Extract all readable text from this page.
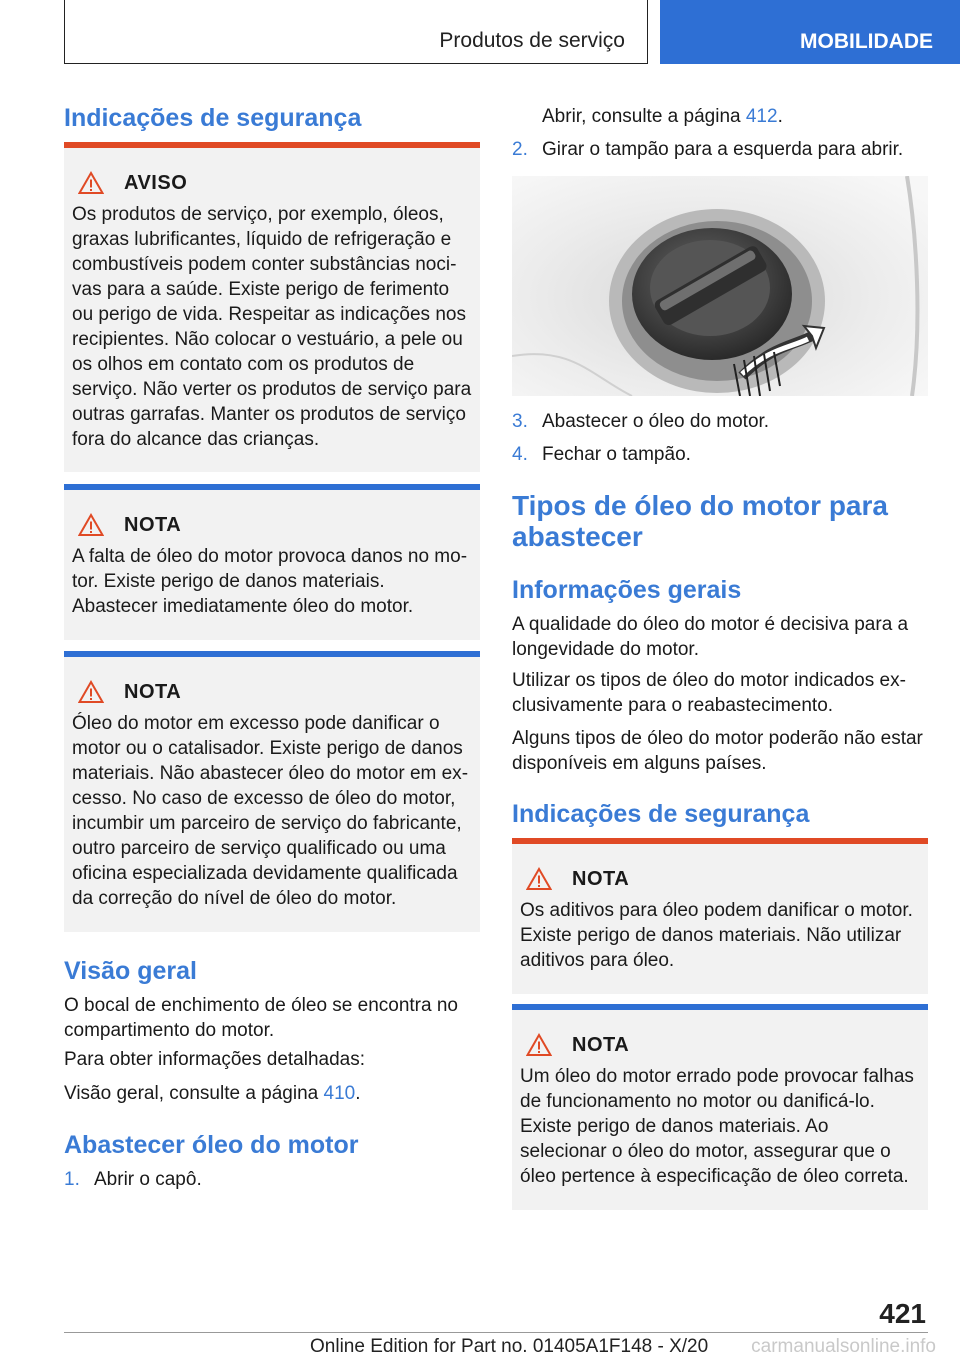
Produtos de serviço	MOBILIDADE
Indicações de segurança
AVISO

Os produtos de serviço, por exemplo, óleos, graxas lubrificantes, líquido de refrigeração e combustíveis podem conter substâncias nocivas para a saúde. Existe perigo de ferimento ou perigo de vida. Respeitar as indicações nos recipientes. Não colocar o vestuário, a pele ou os olhos em contato com os produtos de serviço. Não verter os produtos de serviço para outras garrafas. Manter os produtos de serviço fora do alcance das crianças.

NOTA

A falta de óleo do motor provoca danos no motor. Existe perigo de danos materiais. Abastecer imediatamente óleo do motor.

NOTA

Óleo do motor em excesso pode danificar o motor ou o catalisador. Existe perigo de danos materiais. Não abastecer óleo do motor em excesso. No caso de excesso de óleo do motor, incumbir um parceiro de serviço do fabricante, outro parceiro de serviço qualificado ou uma oficina especializada devidamente qualificada da correção do nível de óleo do motor.

Visão geral

O bocal de enchimento de óleo se encontra no compartimento do motor.

Para obter informações detalhadas:

Visão geral, consulte a página 410.

Abastecer óleo do motor
1. Abrir o capô.

Abrir, consulte a página 412.

2. Girar o tampão para a esquerda para abrir.
3. Abastecer o óleo do motor.
4. Fechar o tampão.
Tipos de óleo do motor para abastecer
Informações gerais

A qualidade do óleo do motor é decisiva para a longevidade do motor.

Utilizar os tipos de óleo do motor indicados exclusivamente para o reabastecimento.

Alguns tipos de óleo do motor poderão não estar disponíveis em alguns países.

Indicações de segurança
NOTA

Os aditivos para óleo podem danificar o motor. Existe perigo de danos materiais. Não utilizar aditivos para óleo.

NOTA

Um óleo do motor errado pode provocar falhas de funcionamento no motor ou danificá-lo. Existe perigo de danos materiais. Ao selecionar o óleo do motor, assegurar que o óleo pertence à especificação de óleo correta.

421
Online Edition for Part no. 01405A1F148 - X/20 carmanualsonline.info
